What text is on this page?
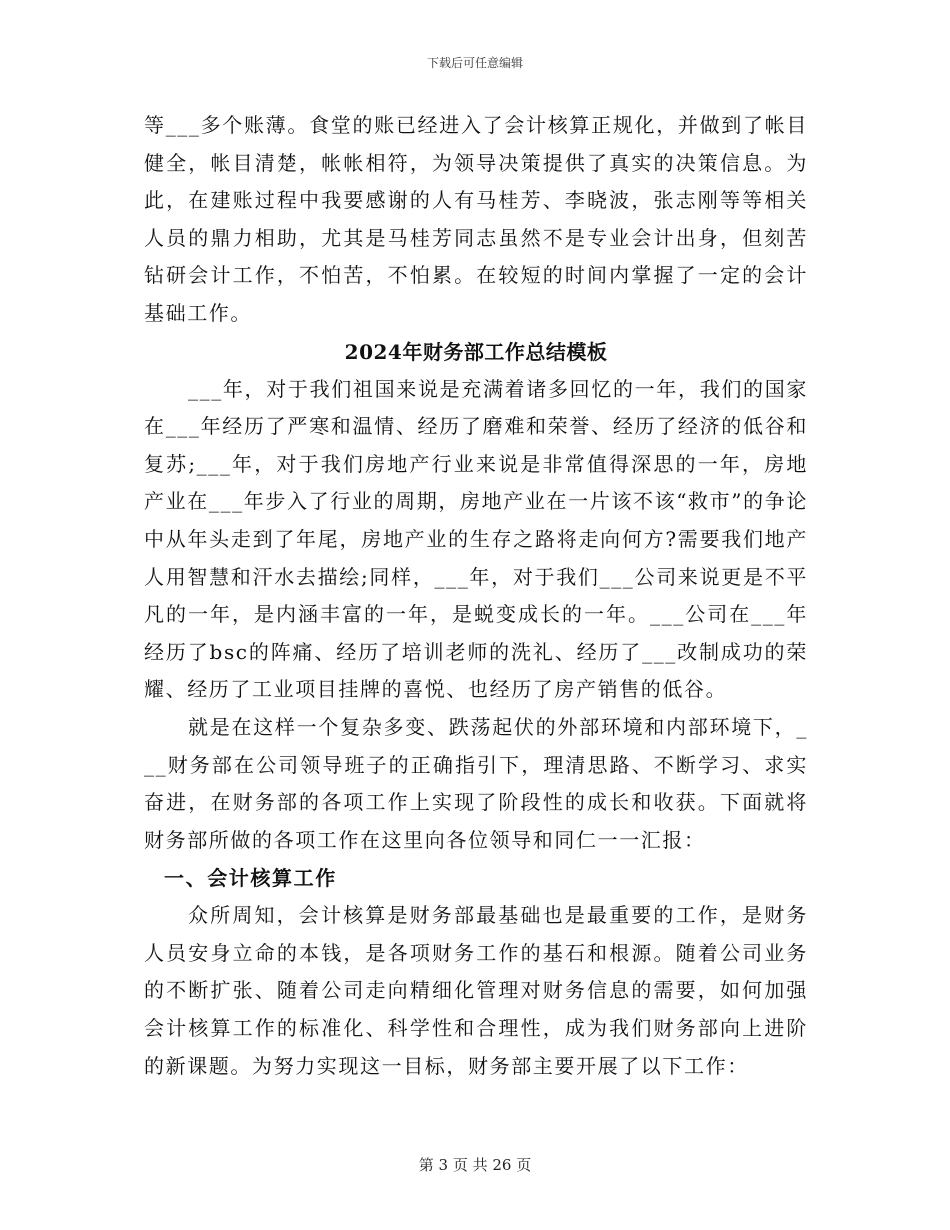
下载后可任意编辑

等___多个账薄。食堂的账已经进入了会计核算正规化，并做到了帐目健全，帐目清楚，帐帐相符，为领导决策提供了真实的决策信息。为此，在建账过程中我要感谢的人有马桂芳、李晓波，张志刚等等相关人员的鼎力相助，尤其是马桂芳同志虽然不是专业会计出身，但刻苦钻研会计工作，不怕苦，不怕累。在较短的时间内掌握了一定的会计基础工作。

2024年财务部工作总结模板

___年，对于我们祖国来说是充满着诸多回忆的一年，我们的国家在___年经历了严寒和温情、经历了磨难和荣誉、经历了经济的低谷和复苏;___年，对于我们房地产行业来说是非常值得深思的一年，房地产业在___年步入了行业的周期，房地产业在一片该不该“救市”的争论中从年头走到了年尾，房地产业的生存之路将走向何方?需要我们地产人用智慧和汗水去描绘;同样，___年，对于我们___公司来说更是不平凡的一年，是内涵丰富的一年，是蜕变成长的一年。___公司在___年经历了bsc的阵痛、经历了培训老师的洗礼、经历了___改制成功的荣耀、经历了工业项目挂牌的喜悦、也经历了房产销售的低谷。

就是在这样一个复杂多变、跌荡起伏的外部环境和内部环境下，___财务部在公司领导班子的正确指引下，理清思路、不断学习、求实奋进，在财务部的各项工作上实现了阶段性的成长和收获。下面就将财务部所做的各项工作在这里向各位领导和同仁一一汇报：

一、会计核算工作

众所周知，会计核算是财务部最基础也是最重要的工作，是财务人员安身立命的本钱，是各项财务工作的基石和根源。随着公司业务的不断扩张、随着公司走向精细化管理对财务信息的需要，如何加强会计核算工作的标准化、科学性和合理性，成为我们财务部向上进阶的新课题。为努力实现这一目标，财务部主要开展了以下工作：

第 3 页 共 26 页
